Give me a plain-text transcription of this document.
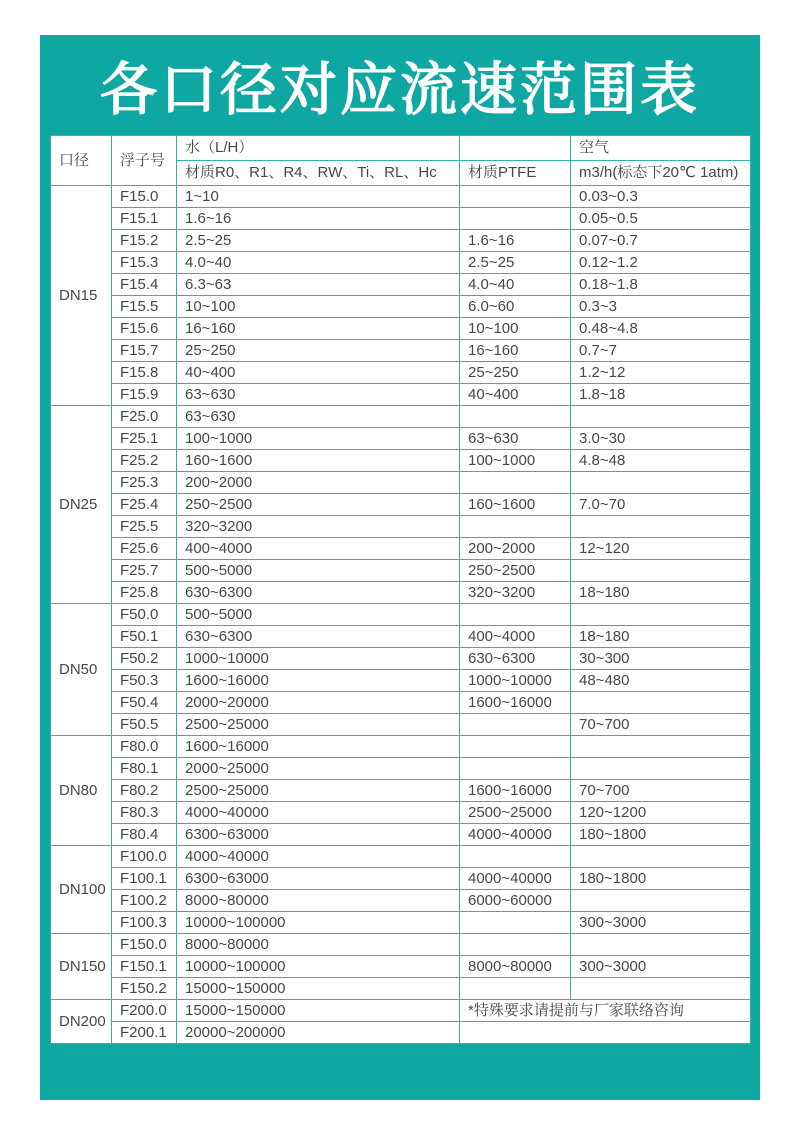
各口径对应流速范围表
口径	浮子号	水（L/H）		空气
		材质R0、R1、R4、RW、Ti、RL、Hc	材质PTFE	m3/h(标态下20℃ 1atm)
DN15	F15.0	1~10		0.03~0.3
	F15.1	1.6~16		0.05~0.5
	F15.2	2.5~25	1.6~16	0.07~0.7
	F15.3	4.0~40	2.5~25	0.12~1.2
	F15.4	6.3~63	4.0~40	0.18~1.8
	F15.5	10~100	6.0~60	0.3~3
	F15.6	16~160	10~100	0.48~4.8
	F15.7	25~250	16~160	0.7~7
	F15.8	40~400	25~250	1.2~12
	F15.9	63~630	40~400	1.8~18
DN25	F25.0	63~630		
	F25.1	100~1000	63~630	3.0~30
	F25.2	160~1600	100~1000	4.8~48
	F25.3	200~2000		
	F25.4	250~2500	160~1600	7.0~70
	F25.5	320~3200		
	F25.6	400~4000	200~2000	12~120
	F25.7	500~5000	250~2500	
	F25.8	630~6300	320~3200	18~180
DN50	F50.0	500~5000		
	F50.1	630~6300	400~4000	18~180
	F50.2	1000~10000	630~6300	30~300
	F50.3	1600~16000	1000~10000	48~480
	F50.4	2000~20000	1600~16000	
	F50.5	2500~25000		70~700
DN80	F80.0	1600~16000		
	F80.1	2000~25000		
	F80.2	2500~25000	1600~16000	70~700
	F80.3	4000~40000	2500~25000	120~1200
	F80.4	6300~63000	4000~40000	180~1800
DN100	F100.0	4000~40000		
	F100.1	6300~63000	4000~40000	180~1800
	F100.2	8000~80000	6000~60000	
	F100.3	10000~100000		300~3000
DN150	F150.0	8000~80000		
	F150.1	10000~100000	8000~80000	300~3000
	F150.2	15000~150000		
DN200	F200.0	15000~150000	*特殊要求请提前与厂家联络咨询	
	F200.1	20000~200000		
